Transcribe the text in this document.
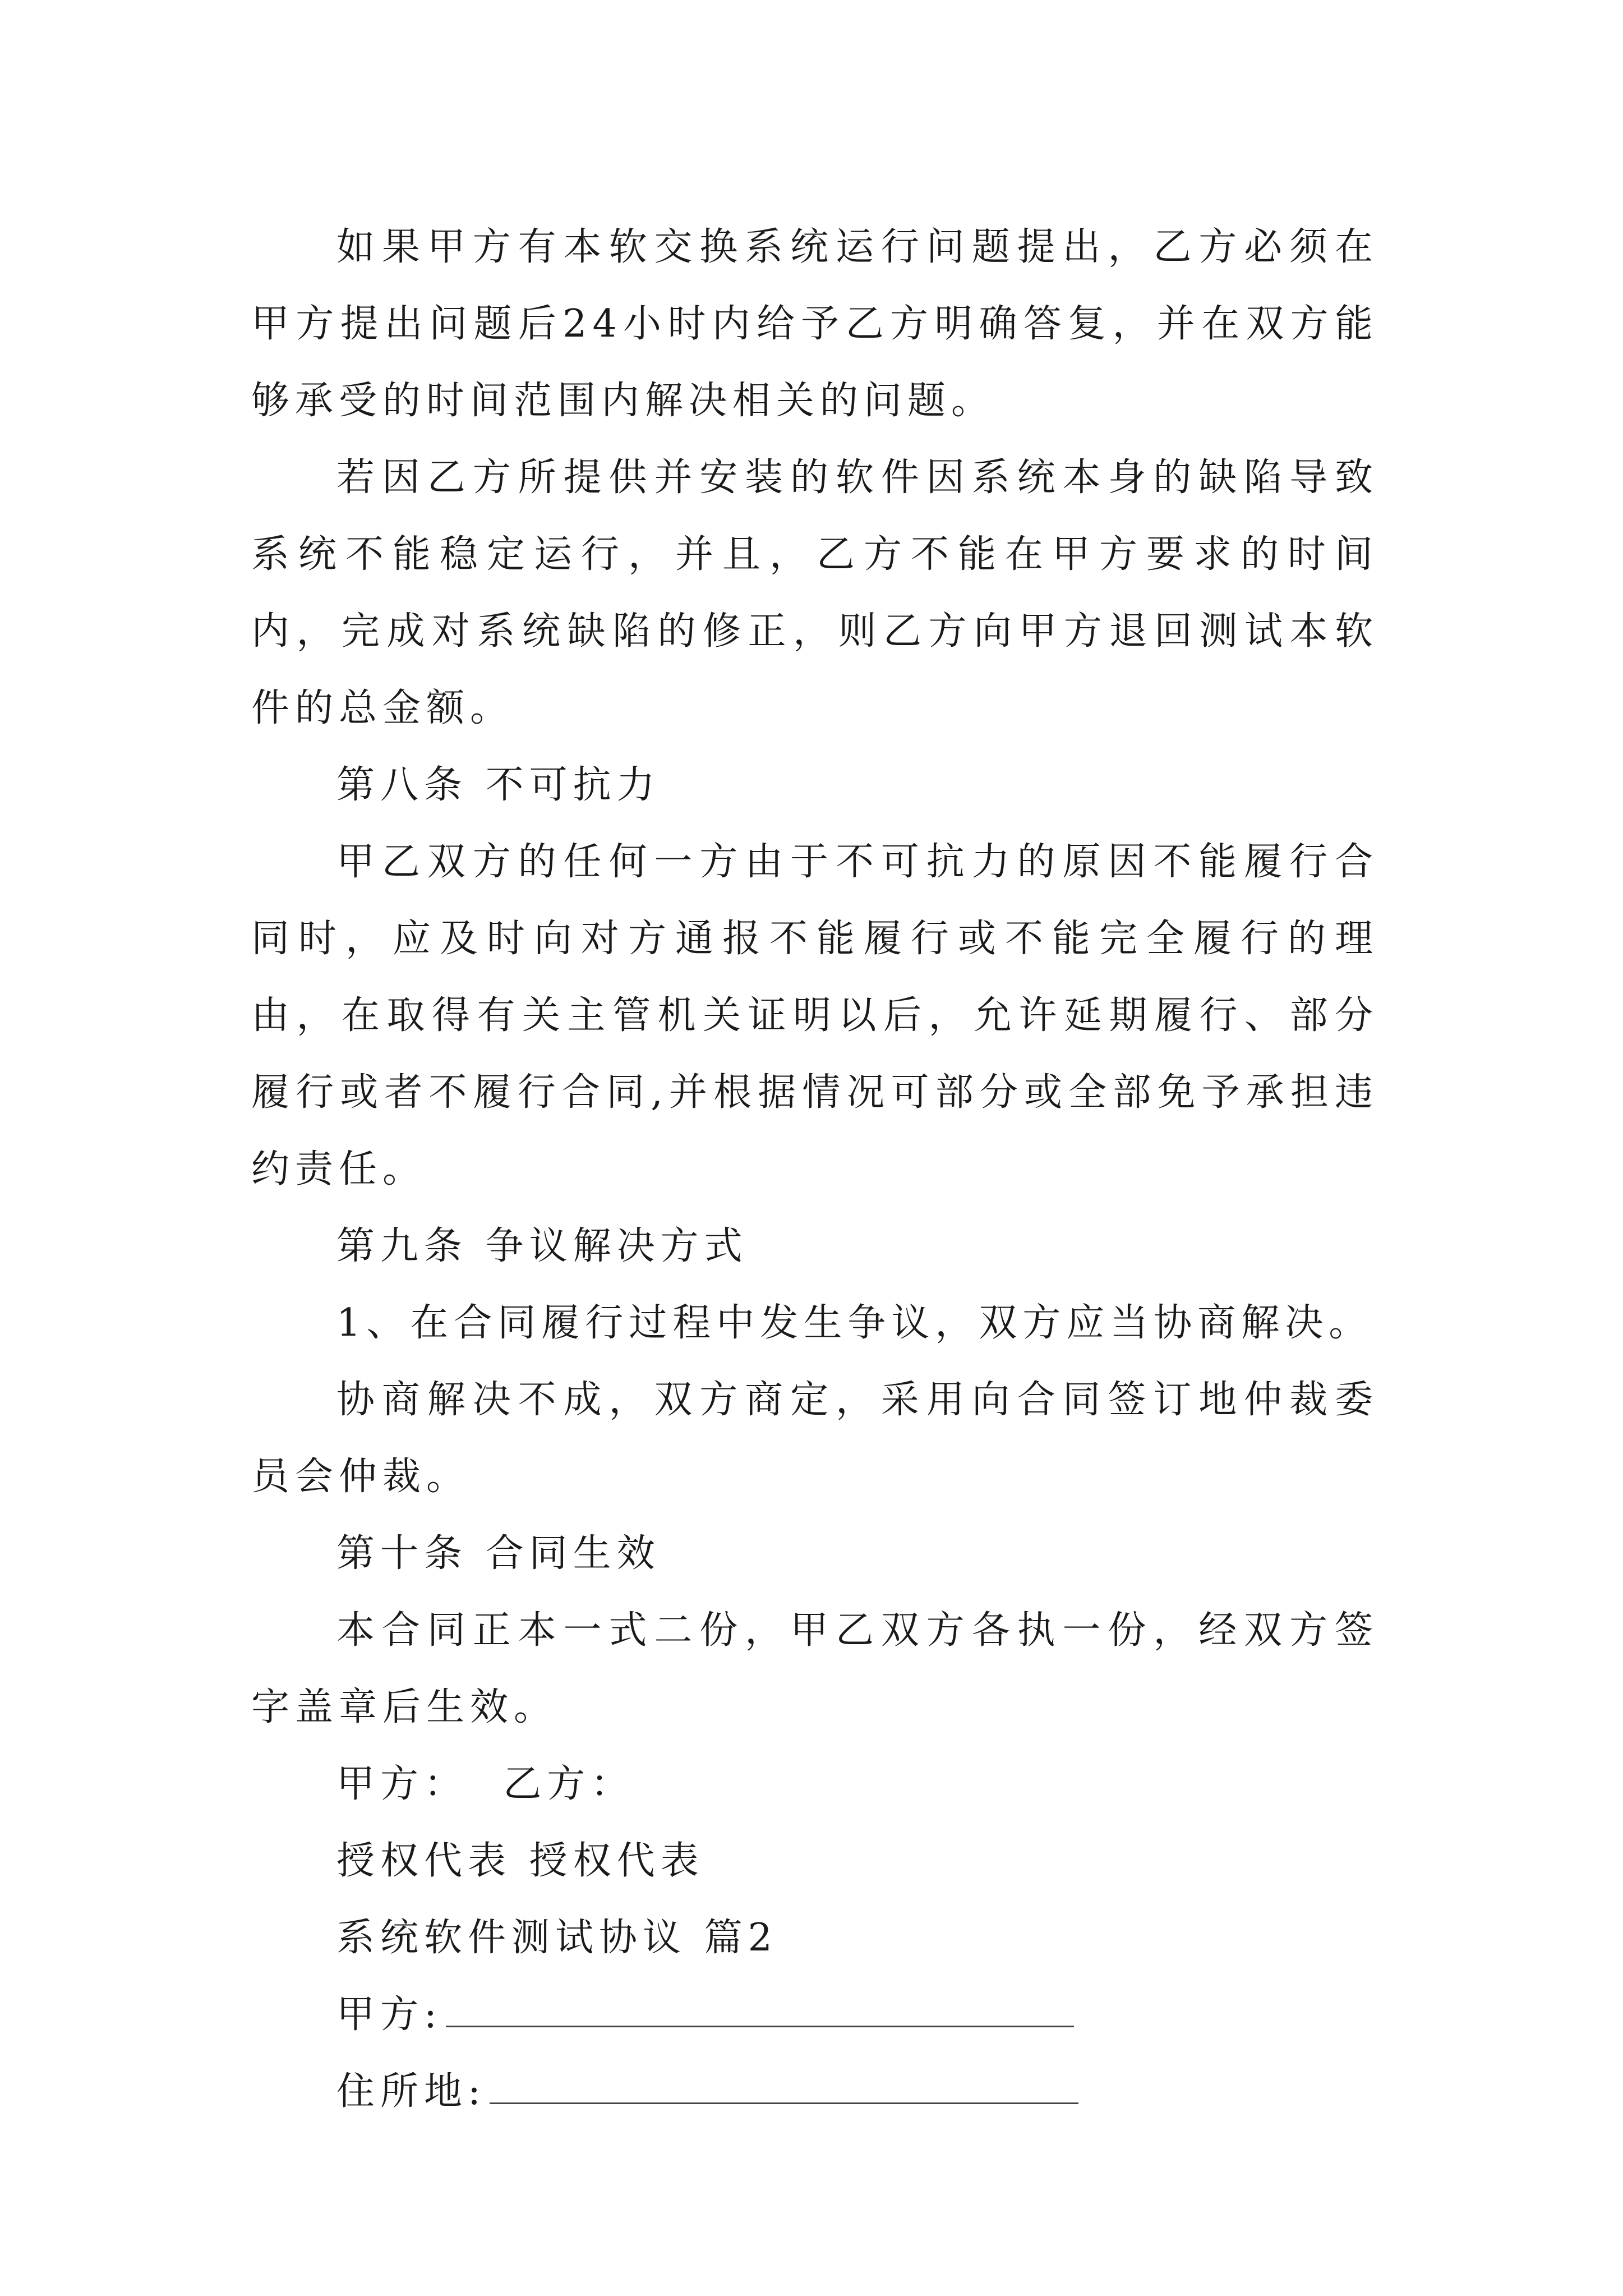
如果甲方有本软交换系统运行问题提出，乙方必须在甲方提出问题后24小时内给予乙方明确答复，并在双方能够承受的时间范围内解决相关的问题。

若因乙方所提供并安装的软件因系统本身的缺陷导致系统不能稳定运行，并且，乙方不能在甲方要求的时间内，完成对系统缺陷的修正，则乙方向甲方退回测试本软件的总金额。

第八条 不可抗力

甲乙双方的任何一方由于不可抗力的原因不能履行合同时，应及时向对方通报不能履行或不能完全履行的理由，在取得有关主管机关证明以后，允许延期履行、部分履行或者不履行合同,并根据情况可部分或全部免予承担违约责任。

第九条 争议解决方式

1、在合同履行过程中发生争议，双方应当协商解决。

协商解决不成，双方商定，采用向合同签订地仲裁委员会仲裁。

第十条 合同生效

本合同正本一式二份，甲乙双方各执一份，经双方签字盖章后生效。

甲方：  乙方：

授权代表 授权代表

系统软件测试协议 篇2

甲方:

住所地:
